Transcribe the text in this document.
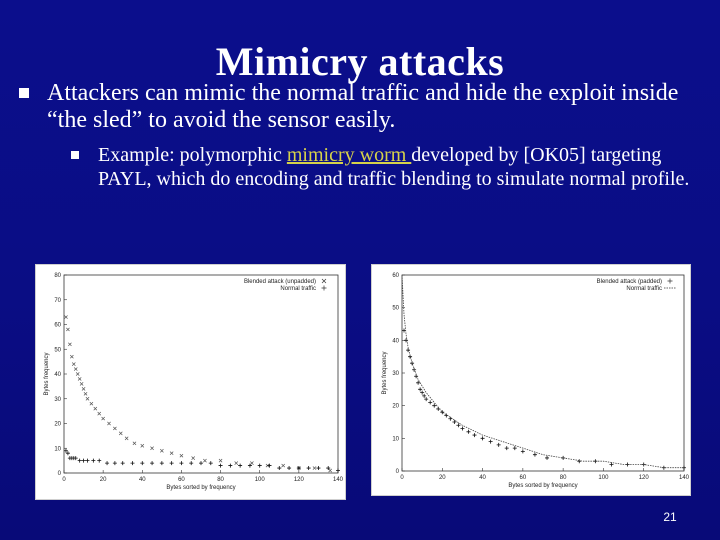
Mimicry attacks
Attackers can mimic the normal traffic and hide the exploit inside “the sled” to avoid the sensor easily.
Example: polymorphic mimicry worm developed by [OK05] targeting PAYL, which do encoding and traffic blending to simulate normal profile.
0	20	40	60	80	100	120	140
0
10
20
30
40
50
60
70
80
Bytes sorted by frequency
Bytes frequency
Blended attack (unpadded)
Normal traffic
0	20	40	60	80	100	120	140
0
10
20
30
40
50
60
Bytes sorted by frequency
Bytes frequency
Blended attack (padded)
Normal traffic
21
